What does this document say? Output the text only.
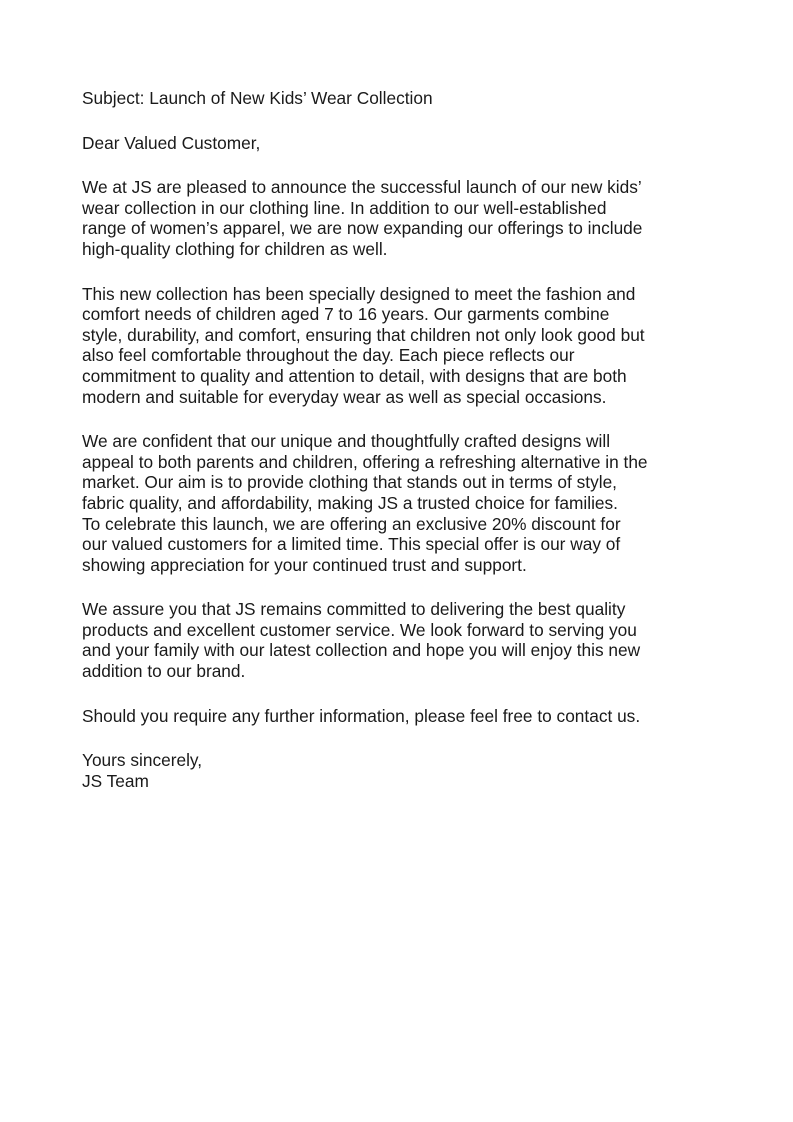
Subject: Launch of New Kids’ Wear Collection
Dear Valued Customer,
We at JS are pleased to announce the successful launch of our new kids’
wear collection in our clothing line. In addition to our well-established
range of women’s apparel, we are now expanding our offerings to include
high-quality clothing for children as well.
This new collection has been specially designed to meet the fashion and
comfort needs of children aged 7 to 16 years. Our garments combine
style, durability, and comfort, ensuring that children not only look good but
also feel comfortable throughout the day. Each piece reflects our
commitment to quality and attention to detail, with designs that are both
modern and suitable for everyday wear as well as special occasions.
We are confident that our unique and thoughtfully crafted designs will
appeal to both parents and children, offering a refreshing alternative in the
market. Our aim is to provide clothing that stands out in terms of style,
fabric quality, and affordability, making JS a trusted choice for families.
To celebrate this launch, we are offering an exclusive 20% discount for
our valued customers for a limited time. This special offer is our way of
showing appreciation for your continued trust and support.
We assure you that JS remains committed to delivering the best quality
products and excellent customer service. We look forward to serving you
and your family with our latest collection and hope you will enjoy this new
addition to our brand.
Should you require any further information, please feel free to contact us.
Yours sincerely,
JS Team
